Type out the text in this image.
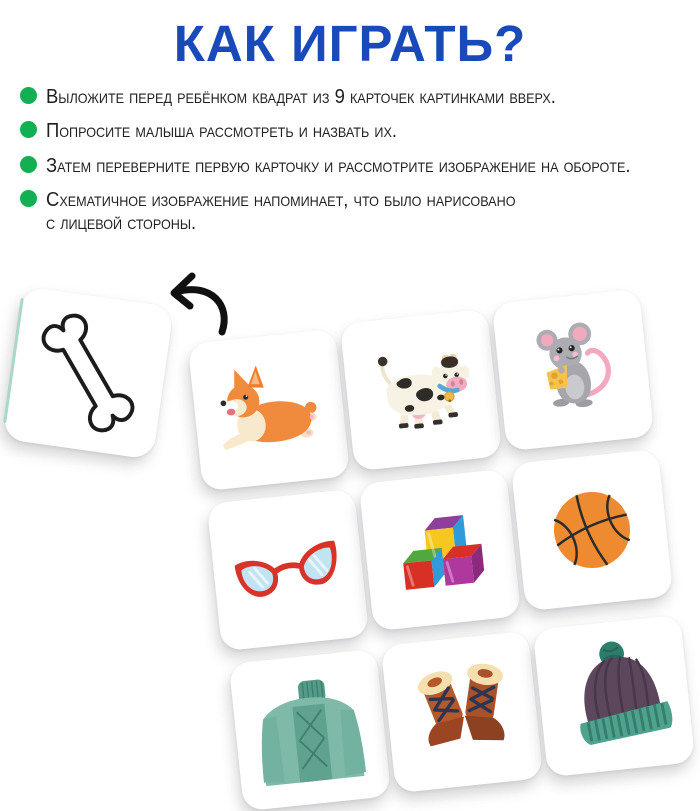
КАК ИГРАТЬ?
Выложите перед ребёнком квадрат из 9 карточек картинками вверх.
Попросите малыша рассмотреть и назвать их.
Затем переверните первую карточку и рассмотрите изображение на обороте.
Схематичное изображение напоминает, что было нарисовано
с лицевой стороны.
